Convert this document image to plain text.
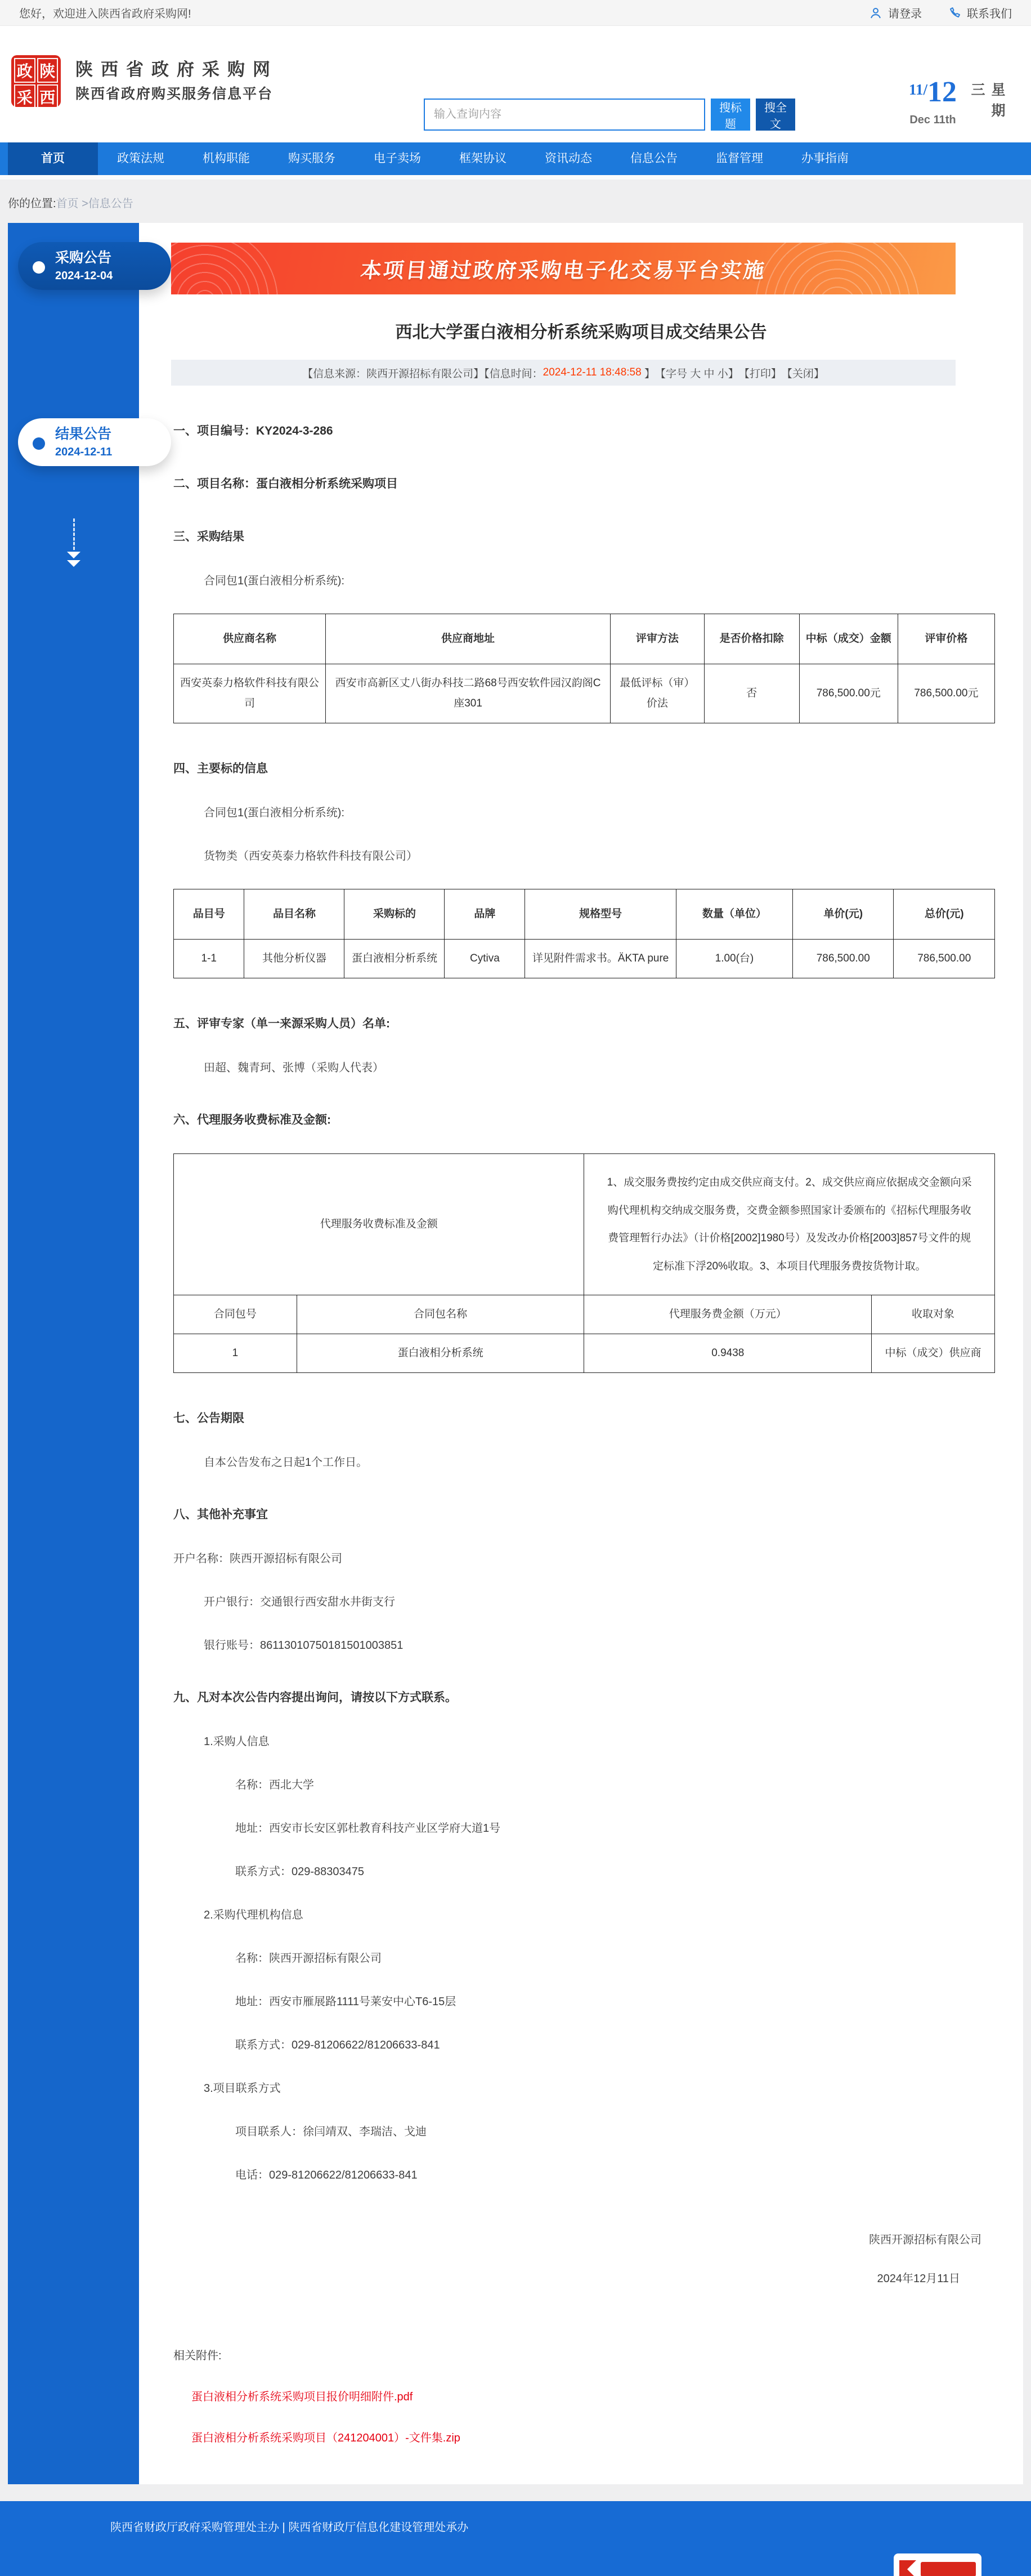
您好，欢迎进入陕西省政府采购网!	请登录	联系我们
政 陕
采 西
陕西省政府采购网
陕西省政府购买服务信息平台
输入查询内容
搜标题
搜全文
11/ 12
Dec 11th	星期三
首页	政策法规	机构职能	购买服务	电子卖场	框架协议	资讯动态	信息公告	监督管理	办事指南
你的位置:首页 >信息公告
采购公告
2024-12-04
结果公告
2024-12-11
本项目通过政府采购电子化交易平台实施
西北大学蛋白液相分析系统采购项目成交结果公告
【信息来源：陕西开源招标有限公司】【信息时间： 2024-12-11 18:48:58 】 【字号 大 中 小】 【打印】 【关闭】

一、项目编号：KY2024-3-286

二、项目名称：蛋白液相分析系统采购项目

三、采购结果

合同包1(蛋白液相分析系统):

供应商名称	供应商地址	评审方法	是否价格扣除	中标（成交）金额	评审价格
西安英泰力格软件科技有限公司	西安市高新区丈八街办科技二路68号西安软件园汉韵阁C座301	最低评标（审）价法	否	786,500.00元	786,500.00元

四、主要标的信息

合同包1(蛋白液相分析系统):

货物类（西安英泰力格软件科技有限公司）

品目号	品目名称	采购标的	品牌	规格型号	数量（单位）	单价(元)	总价(元)
1-1	其他分析仪器	蛋白液相分析系统	Cytiva	详见附件需求书。ÄKTA pure	1.00(台)	786,500.00	786,500.00

五、评审专家（单一来源采购人员）名单:

田超、魏青珂、张博（采购人代表）

六、代理服务收费标准及金额:

代理服务收费标准及金额		1、成交服务费按约定由成交供应商支付。2、成交供应商应依据成交金额向采购代理机构交纳成交服务费，交费金额参照国家计委颁布的《招标代理服务收费管理暂行办法》（计价格[2002]1980号）及发改办价格[2003]857号文件的规定标准下浮20%收取。3、本项目代理服务费按货物计取。	
合同包号	合同包名称	代理服务费金额（万元）	收取对象
1	蛋白液相分析系统	0.9438	中标（成交）供应商

七、公告期限

自本公告发布之日起1个工作日。

八、其他补充事宜

开户名称：陕西开源招标有限公司

开户银行：交通银行西安甜水井街支行

银行账号：86113010750181501003851

九、凡对本次公告内容提出询问，请按以下方式联系。

1.采购人信息

名称：西北大学

地址：西安市长安区郭杜教育科技产业区学府大道1号

联系方式：029-88303475

2.采购代理机构信息

名称：陕西开源招标有限公司

地址：西安市雁展路1111号莱安中心T6-15层

联系方式：029-81206622/81206633-841

3.项目联系方式

项目联系人：徐闫靖双、李瑞洁、戈迪

电话：029-81206622/81206633-841

陕西开源招标有限公司
2024年12月11日
相关附件:
蛋白液相分析系统采购项目报价明细附件.pdf
蛋白液相分析系统采购项目（241204001）-文件集.zip
陕西省财政厅政府采购管理处主办 | 陕西省财政厅信息化建设管理处承办
